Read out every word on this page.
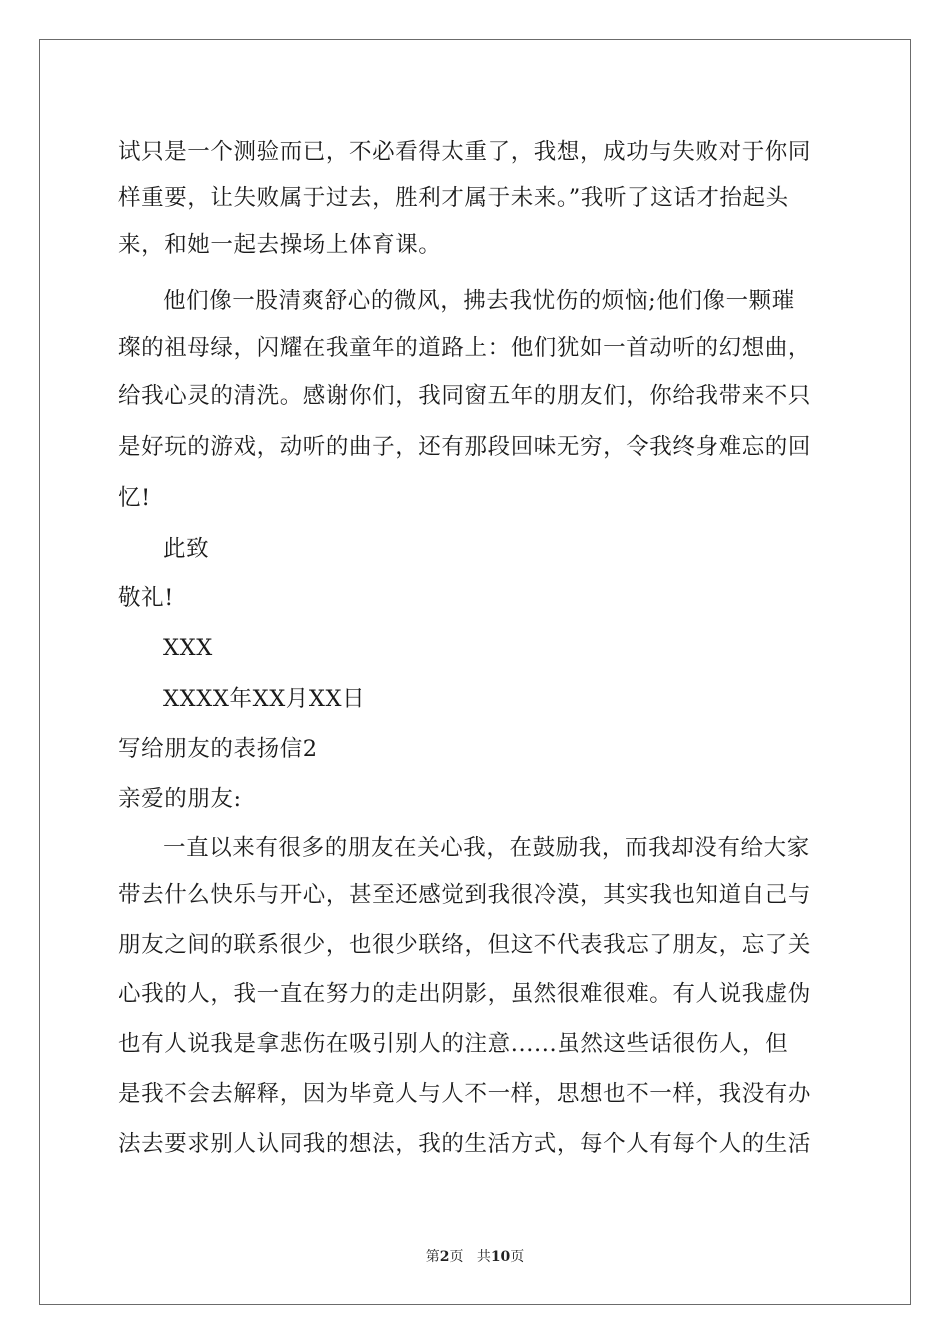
试只是一个测验而已，不必看得太重了，我想，成功与失败对于你同
样重要，让失败属于过去，胜利才属于未来。”我听了这话才抬起头
来，和她一起去操场上体育课。
他们像一股清爽舒心的微风，拂去我忧伤的烦恼;他们像一颗璀
璨的祖母绿，闪耀在我童年的道路上：他们犹如一首动听的幻想曲，
给我心灵的清洗。感谢你们，我同窗五年的朋友们，你给我带来不只
是好玩的游戏，动听的曲子，还有那段回味无穷，令我终身难忘的回
忆!
此致
敬礼!
XXX
XXXX年XX月XX日
写给朋友的表扬信2
亲爱的朋友:
一直以来有很多的朋友在关心我，在鼓励我，而我却没有给大家
带去什么快乐与开心，甚至还感觉到我很冷漠，其实我也知道自己与
朋友之间的联系很少，也很少联络，但这不代表我忘了朋友，忘了关
心我的人，我一直在努力的走出阴影，虽然很难很难。有人说我虚伪
也有人说我是拿悲伤在吸引别人的注意......虽然这些话很伤人，但
是我不会去解释，因为毕竟人与人不一样，思想也不一样，我没有办
法去要求别人认同我的想法，我的生活方式，每个人有每个人的生活
第2页 共10页
